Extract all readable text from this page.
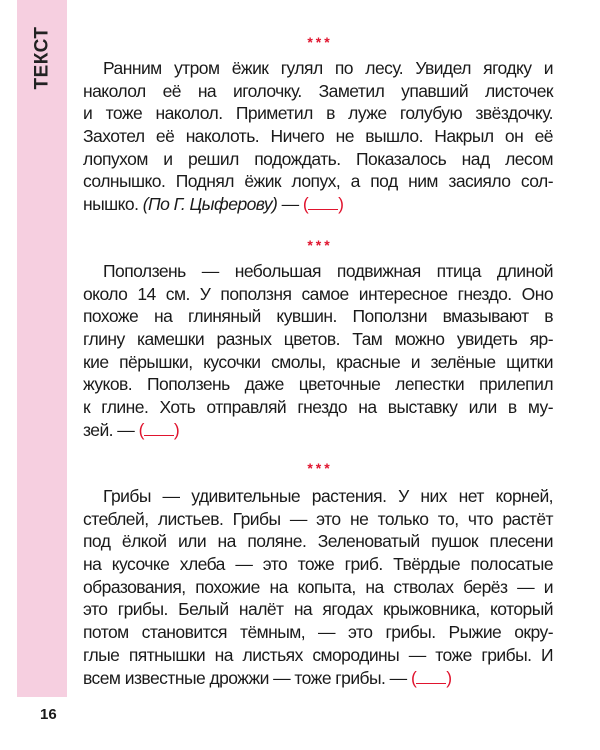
ТЕКСТ	***
Ранним утром ёжик гулял по лесу. Увидел ягодку и
наколол её на иголочку. Заметил упавший листочек
и тоже наколол. Приметил в луже голубую звёздочку.
Захотел её наколоть. Ничего не вышло. Накрыл он её
лопухом и решил подождать. Показалось над лесом
солнышко. Поднял ёжик лопух, а под ним засияло сол-
нышко. (По Г. Цыферову) — ( )
***
Поползень — небольшая подвижная птица длиной
около 14 см. У поползня самое интересное гнездо. Оно
похоже на глиняный кувшин. Поползни вмазывают в
глину камешки разных цветов. Там можно увидеть яр-
кие пёрышки, кусочки смолы, красные и зелёные щитки
жуков. Поползень даже цветочные лепестки прилепил
к глине. Хоть отправляй гнездо на выставку или в му-
зей. — ( )
***
Грибы — удивительные растения. У них нет корней,
стеблей, листьев. Грибы — это не только то, что растёт
под ёлкой или на поляне. Зеленоватый пушок плесени
на кусочке хлеба — это тоже гриб. Твёрдые полосатые
образования, похожие на копыта, на стволах берёз — и
это грибы. Белый налёт на ягодах крыжовника, который
потом становится тёмным, — это грибы. Рыжие окру-
глые пятнышки на листьях смородины — тоже грибы. И
всем известные дрожжи — тоже грибы. — ( )
16
